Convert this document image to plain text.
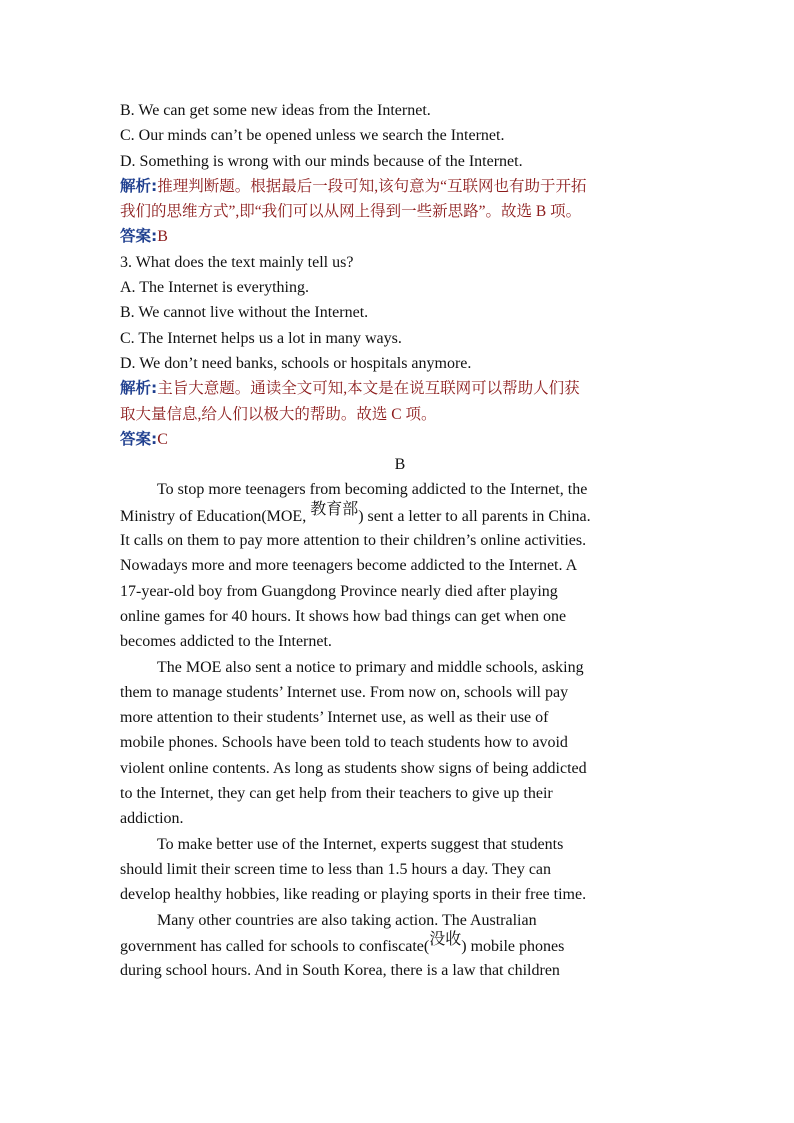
B. We can get some new ideas from the Internet.
C. Our minds can’t be opened unless we search the Internet.
D. Something is wrong with our minds because of the Internet.
解析:推理判断题。根据最后一段可知,该句意为“互联网也有助于开拓
我们的思维方式”,即“我们可以从网上得到一些新思路”。故选 B 项。
答案:B
3. What does the text mainly tell us?
A. The Internet is everything.
B. We cannot live without the Internet.
C. The Internet helps us a lot in many ways.
D. We don’t need banks, schools or hospitals anymore.
解析:主旨大意题。通读全文可知,本文是在说互联网可以帮助人们获
取大量信息,给人们以极大的帮助。故选 C 项。
答案:C
B
To stop more teenagers from becoming addicted to the Internet, the
Ministry of Education(MOE, 教育部) sent a letter to all parents in China.
It calls on them to pay more attention to their children’s online activities.
Nowadays more and more teenagers become addicted to the Internet. A
17-year-old boy from Guangdong Province nearly died after playing
online games for 40 hours. It shows how bad things can get when one
becomes addicted to the Internet.
The MOE also sent a notice to primary and middle schools, asking
them to manage students’ Internet use. From now on, schools will pay
more attention to their students’ Internet use, as well as their use of
mobile phones. Schools have been told to teach students how to avoid
violent online contents. As long as students show signs of being addicted
to the Internet, they can get help from their teachers to give up their
addiction.
To make better use of the Internet, experts suggest that students
should limit their screen time to less than 1.5 hours a day. They can
develop healthy hobbies, like reading or playing sports in their free time.
Many other countries are also taking action. The Australian
government has called for schools to confiscate(没收) mobile phones
during school hours. And in South Korea, there is a law that children
